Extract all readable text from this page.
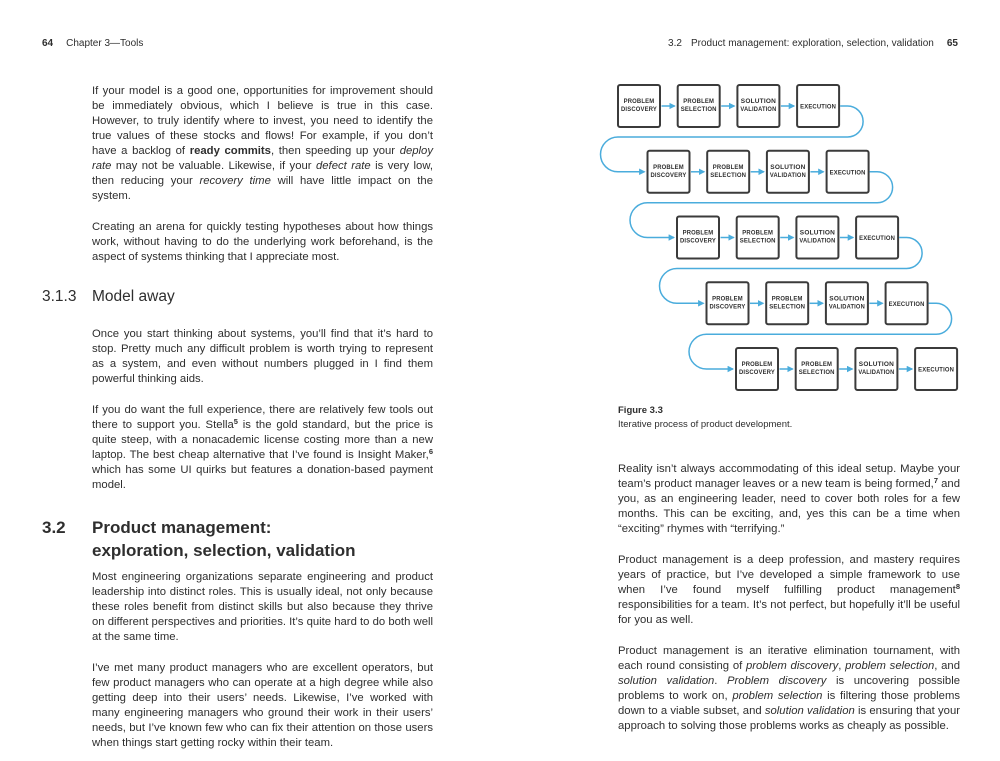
64 Chapter 3—Tools

If your model is a good one, opportunities for improvement should be immediately obvious, which I believe is true in this case. However, to truly identify where to invest, you need to identify the true values of these stocks and flows! For example, if you don’t have a backlog of ready commits, then speeding up your deploy rate may not be valuable. Likewise, if your defect rate is very low, then reducing your recovery time will have little impact on the system.

Creating an arena for quickly testing hypotheses about how things work, without having to do the underlying work beforehand, is the aspect of systems thinking that I appreciate most.

3.1.3 Model away

Once you start thinking about systems, you’ll find that it’s hard to stop. Pretty much any difficult problem is worth trying to represent as a system, and even without numbers plugged in I find them powerful thinking aids.

If you do want the full experience, there are relatively few tools out there to support you. Stella$^5$ is the gold standard, but the price is quite steep, with a nonacademic license costing more than a new laptop. The best cheap alternative that I’ve found is Insight Maker,$^6$ which has some UI quirks but features a donation-based payment model.

3.2 Product management:
exploration, selection, validation

Most engineering organizations separate engineering and product leadership into distinct roles. This is usually ideal, not only because these roles benefit from distinct skills but also because they thrive on different perspectives and priorities. It’s quite hard to do both well at the same time.

I’ve met many product managers who are excellent operators, but few product managers who can operate at a high degree while also getting deep into their users’ needs. Likewise, I’ve worked with many engineering managers who ground their work in their users’ needs, but I’ve known few who can fix their attention on those users when things start getting rocky within their team.

3.2 Product management: exploration, selection, validation 65
PROBLEM DISCOVERY
PROBLEM SELECTION
SOLUTION VALIDATION	EXECUTION
PROBLEM DISCOVERY
PROBLEM SELECTION
SOLUTION VALIDATION	EXECUTION
PROBLEM DISCOVERY
PROBLEM SELECTION
SOLUTION VALIDATION	EXECUTION
PROBLEM DISCOVERY
PROBLEM SELECTION
SOLUTION VALIDATION	EXECUTION
PROBLEM DISCOVERY
PROBLEM SELECTION
SOLUTION VALIDATION	EXECUTION
Figure 3.3
Iterative process of product development.

Reality isn’t always accommodating of this ideal setup. Maybe your team’s product manager leaves or a new team is being formed,$^7$ and you, as an engineering leader, need to cover both roles for a few months. This can be exciting, and, yes this can be a time when “exciting” rhymes with “terrifying.”

Product management is a deep profession, and mastery requires years of practice, but I’ve developed a simple framework to use when I’ve found myself fulfilling product management$^8$ responsibilities for a team. It’s not perfect, but hopefully it’ll be useful for you as well.

Product management is an iterative elimination tournament, with each round consisting of problem discovery, problem selection, and solution validation. Problem discovery is uncovering possible problems to work on, problem selection is filtering those problems down to a viable subset, and solution validation is ensuring that your approach to solving those problems works as cheaply as possible.
